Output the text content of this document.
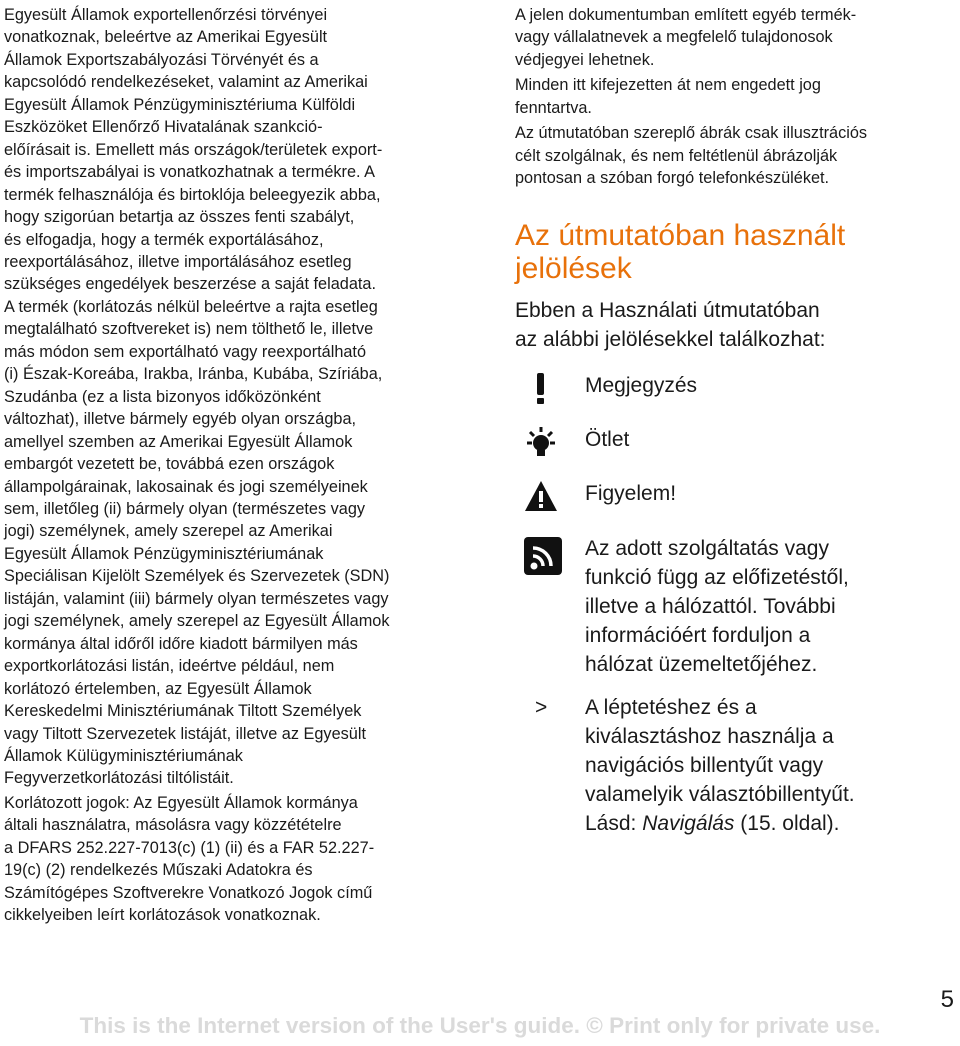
Egyesült Államok exportellenőrzési törvényei
vonatkoznak, beleértve az Amerikai Egyesült
Államok Exportszabályozási Törvényét és a
kapcsolódó rendelkezéseket, valamint az Amerikai
Egyesült Államok Pénzügyminisztériuma Külföldi
Eszközöket Ellenőrző Hivatalának szankció-
előírásait is. Emellett más országok/területek export-
és importszabályai is vonatkozhatnak a termékre. A
termék felhasználója és birtoklója beleegyezik abba,
hogy szigorúan betartja az összes fenti szabályt,
és elfogadja, hogy a termék exportálásához,
reexportálásához, illetve importálásához esetleg
szükséges engedélyek beszerzése a saját feladata.
A termék (korlátozás nélkül beleértve a rajta esetleg
megtalálható szoftvereket is) nem tölthető le, illetve
más módon sem exportálható vagy reexportálható
(i) Észak-Koreába, Irakba, Iránba, Kubába, Szíriába,
Szudánba (ez a lista bizonyos időközönként
változhat), illetve bármely egyéb olyan országba,
amellyel szemben az Amerikai Egyesült Államok
embargót vezetett be, továbbá ezen országok
állampolgárainak, lakosainak és jogi személyeinek
sem, illetőleg (ii) bármely olyan (természetes vagy
jogi) személynek, amely szerepel az Amerikai
Egyesült Államok Pénzügyminisztériumának
Speciálisan Kijelölt Személyek és Szervezetek (SDN)
listáján, valamint (iii) bármely olyan természetes vagy
jogi személynek, amely szerepel az Egyesült Államok
kormánya által időről időre kiadott bármilyen más
exportkorlátozási listán, ideértve például, nem
korlátozó értelemben, az Egyesült Államok
Kereskedelmi Minisztériumának Tiltott Személyek
vagy Tiltott Szervezetek listáját, illetve az Egyesült
Államok Külügyminisztériumának
Fegyverzetkorlátozási tiltólistáit.

Korlátozott jogok: Az Egyesült Államok kormánya
általi használatra, másolásra vagy közzétételre
a DFARS 252.227-7013(c) (1) (ii) és a FAR 52.227-
19(c) (2) rendelkezés Műszaki Adatokra és
Számítógépes Szoftverekre Vonatkozó Jogok című
cikkelyeiben leírt korlátozások vonatkoznak.

A jelen dokumentumban említett egyéb termék-
vagy vállalatnevek a megfelelő tulajdonosok
védjegyei lehetnek.

Minden itt kifejezetten át nem engedett jog
fenntartva.

Az útmutatóban szereplő ábrák csak illusztrációs
célt szolgálnak, és nem feltétlenül ábrázolják
pontosan a szóban forgó telefonkészüléket.

Az útmutatóban használt
jelölések

Ebben a Használati útmutatóban
az alábbi jelölésekkel találkozhat:

Megjegyzés
Ötlet
Figyelem!
Az adott szolgáltatás vagy
funkció függ az előfizetéstől,
illetve a hálózattól. További
információért forduljon a
hálózat üzemeltetőjéhez.
> A léptetéshez és a
kiválasztáshoz használja a
navigációs billentyűt vagy
valamelyik választóbillentyűt.
Lásd: Navigálás (15. oldal).
5
This is the Internet version of the User's guide. © Print only for private use.
